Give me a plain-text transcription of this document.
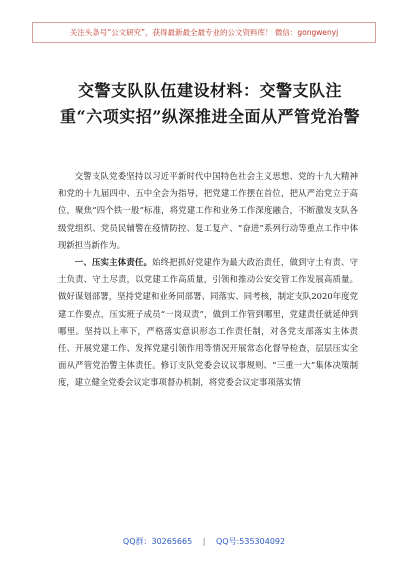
关注头条号“公文研究”，获得最新最全最专业的公文资料库！ 微信：gongwenyj
交警支队队伍建设材料：交警支队注重“六项实招”纵深推进全面从严管党治警

交警支队党委坚持以习近平新时代中国特色社会主义思想、党的十九大精神和党的十九届四中、五中全会为指导，把党建工作摆在首位，把从严治党立于高位，聚焦“四个铁一般”标准，将党建工作和业务工作深度融合，不断激发支队各级党组织、党员民辅警在疫情防控、复工复产、“奋进”系列行动等重点工作中体现新担当新作为。

一、压实主体责任。始终把抓好党建作为最大政治责任，做到守土有责、守土负责、守土尽责，以党建工作高质量，引领和推动公安交管工作发展高质量。做好谋划部署，坚持党建和业务同部署、同落实、同考核，制定支队2020年度党建工作要点，压实班子成员“一岗双责”，做到工作管到哪里，党建责任就延伸到哪里。坚持以上率下，严格落实意识形态工作责任制，对各党支部落实主体责任、开展党建工作、发挥党建引领作用等情况开展常态化督导检查，层层压实全面从严管党治警主体责任。修订支队党委会议议事规则、“三重一大”集体决策制度，建立健全党委会议定事项督办机制，将党委会议定事项落实情

QQ群：30265665 | QQ号:535304092
